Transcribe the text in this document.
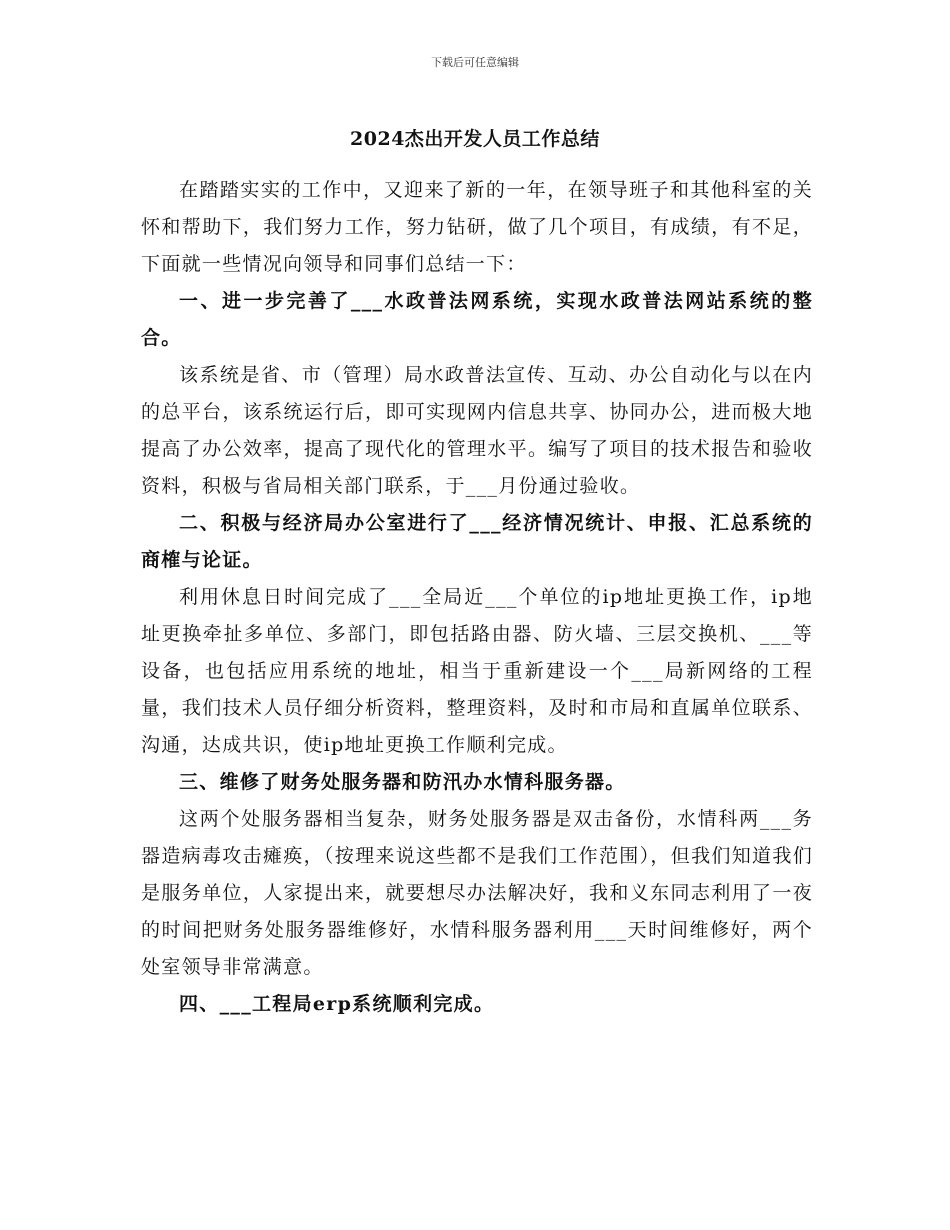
下载后可任意编辑
2024杰出开发人员工作总结

在踏踏实实的工作中，又迎来了新的一年，在领导班子和其他科室的关怀和帮助下，我们努力工作，努力钻研，做了几个项目，有成绩，有不足，下面就一些情况向领导和同事们总结一下：

一、进一步完善了___水政普法网系统，实现水政普法网站系统的整合。

该系统是省、市（管理）局水政普法宣传、互动、办公自动化与以在内的总平台，该系统运行后，即可实现网内信息共享、协同办公，进而极大地提高了办公效率，提高了现代化的管理水平。编写了项目的技术报告和验收资料，积极与省局相关部门联系，于___月份通过验收。

二、积极与经济局办公室进行了___经济情况统计、申报、汇总系统的商榷与论证。

利用休息日时间完成了___全局近___个单位的ip地址更换工作，ip地址更换牵扯多单位、多部门，即包括路由器、防火墙、三层交换机、___等设备，也包括应用系统的地址，相当于重新建设一个___局新网络的工程量，我们技术人员仔细分析资料，整理资料，及时和市局和直属单位联系、沟通，达成共识，使ip地址更换工作顺利完成。

三、维修了财务处服务器和防汛办水情科服务器。

这两个处服务器相当复杂，财务处服务器是双击备份，水情科两___务器造病毒攻击瘫痪，（按理来说这些都不是我们工作范围），但我们知道我们是服务单位，人家提出来，就要想尽办法解决好，我和义东同志利用了一夜的时间把财务处服务器维修好，水情科服务器利用___天时间维修好，两个处室领导非常满意。

四、___工程局erp系统顺利完成。
